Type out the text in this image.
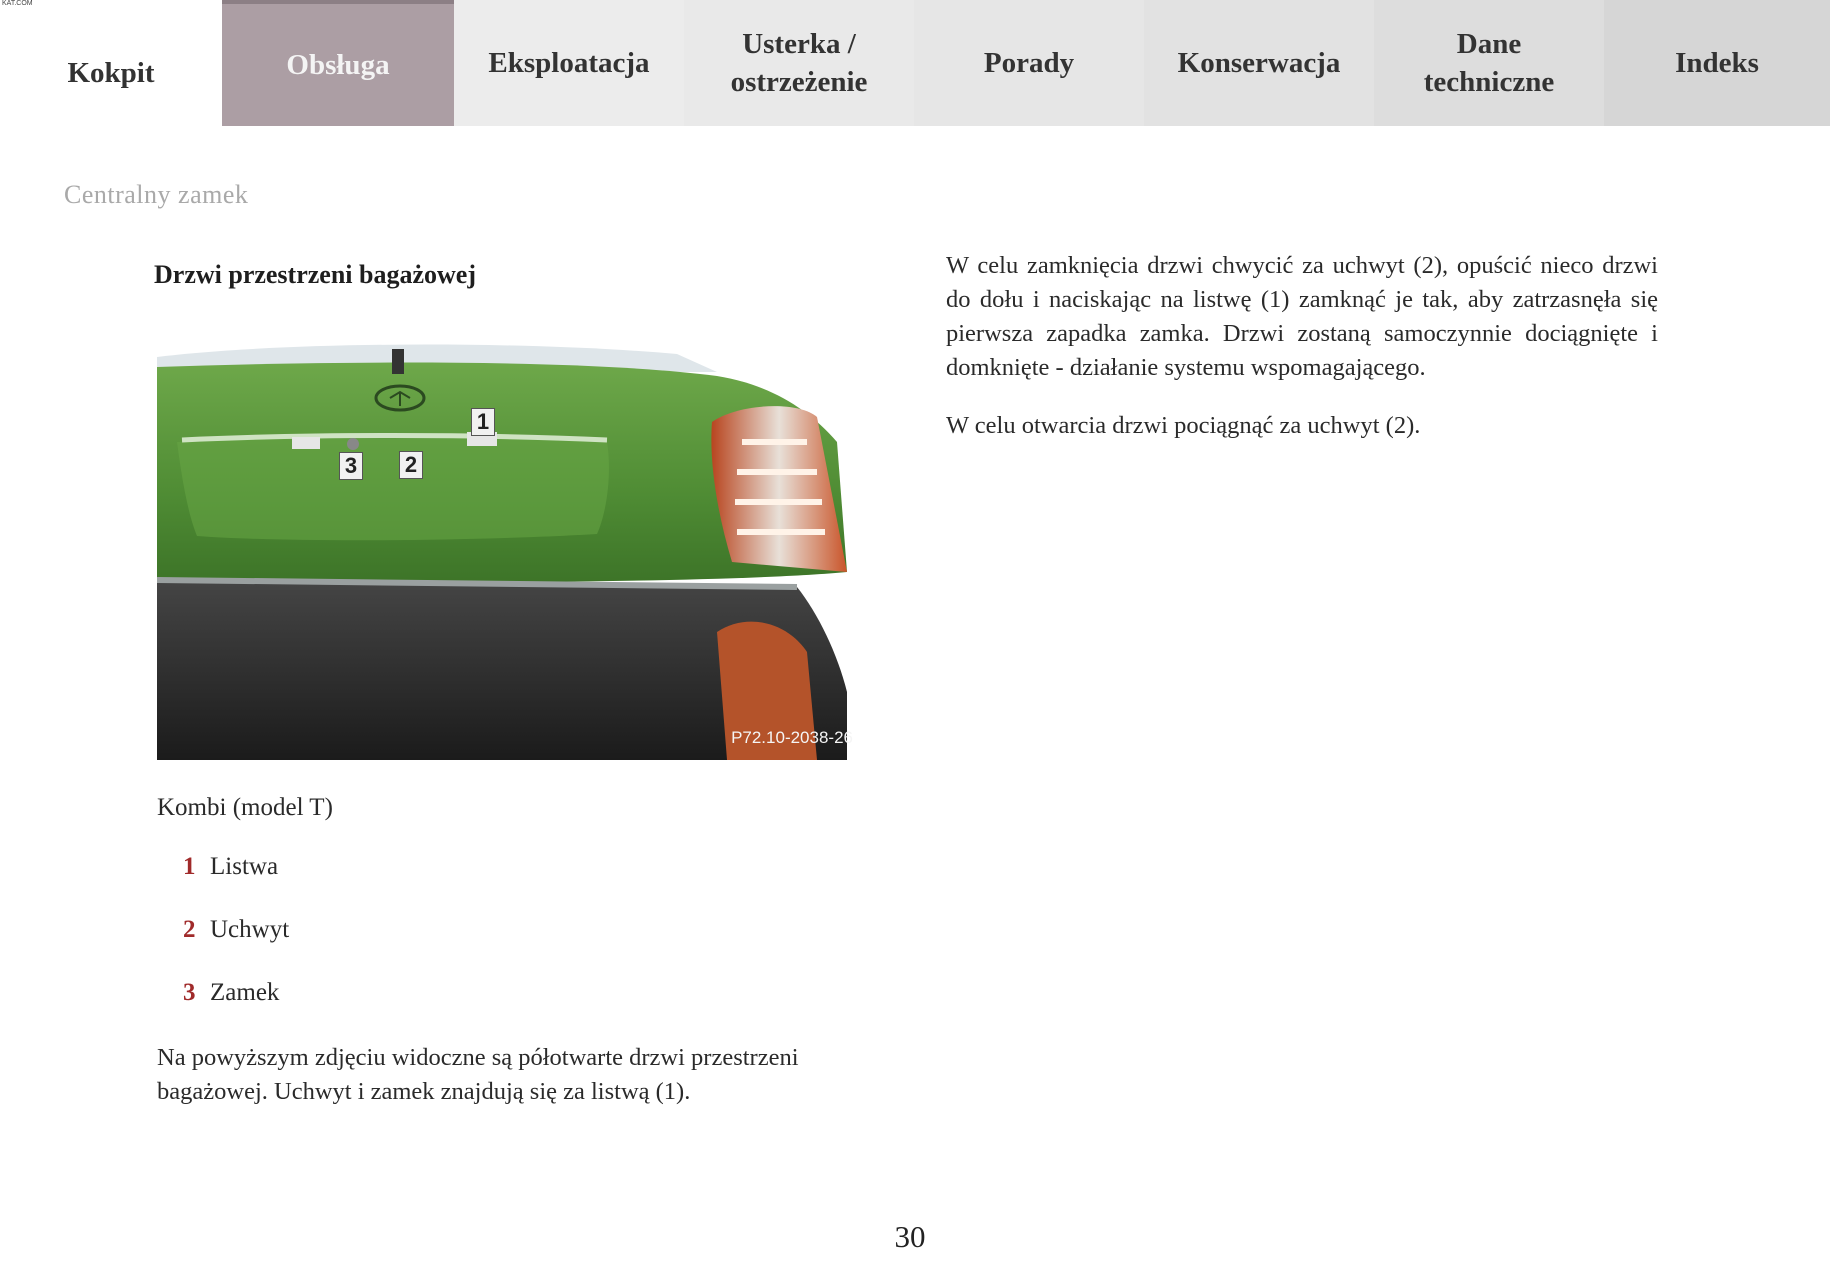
KAT.COM
Kokpit	Obsługa	Eksploatacja
Usterka /
ostrzeżenie
Porady	Konserwacja
Dane
techniczne
Indeks
Centralny zamek
Drzwi przestrzeni bagażowej
1
2
3
P72.10-2038-26
Kombi (model T)
1 Listwa
2 Uchwyt
3 Zamek
Na powyższym zdjęciu widoczne są półotwarte drzwi przestrzeni bagażowej. Uchwyt i zamek znajdują się za listwą (1).

W celu zamknięcia drzwi chwycić za uchwyt (2), opuścić nieco drzwi do dołu i naciskając na listwę (1) zamknąć je tak, aby zatrzasnęła się pierwsza zapadka zamka. Drzwi zostaną samoczynnie dociągnięte i domknięte - działanie systemu wspomagającego.

W celu otwarcia drzwi pociągnąć za uchwyt (2).

30
